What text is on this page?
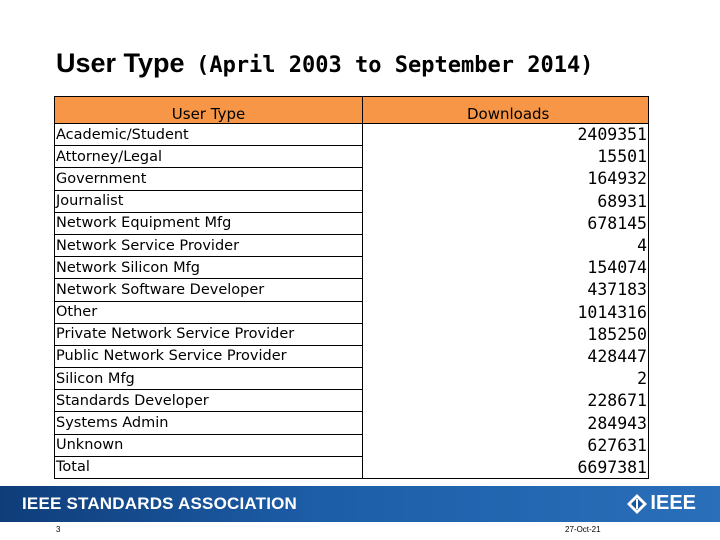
User Type (April 2003 to September 2014)
User Type	Downloads
Academic/Student	2409351
Attorney/Legal	15501
Government	164932
Journalist	68931
Network Equipment Mfg	678145
Network Service Provider	4
Network Silicon Mfg	154074
Network Software Developer	437183
Other	1014316
Private Network Service Provider	185250
Public Network Service Provider	428447
Silicon Mfg	2
Standards Developer	228671
Systems Admin	284943
Unknown	627631
Total	6697381
IEEE STANDARDS ASSOCIATION	IEEE
3	27-Oct-21
